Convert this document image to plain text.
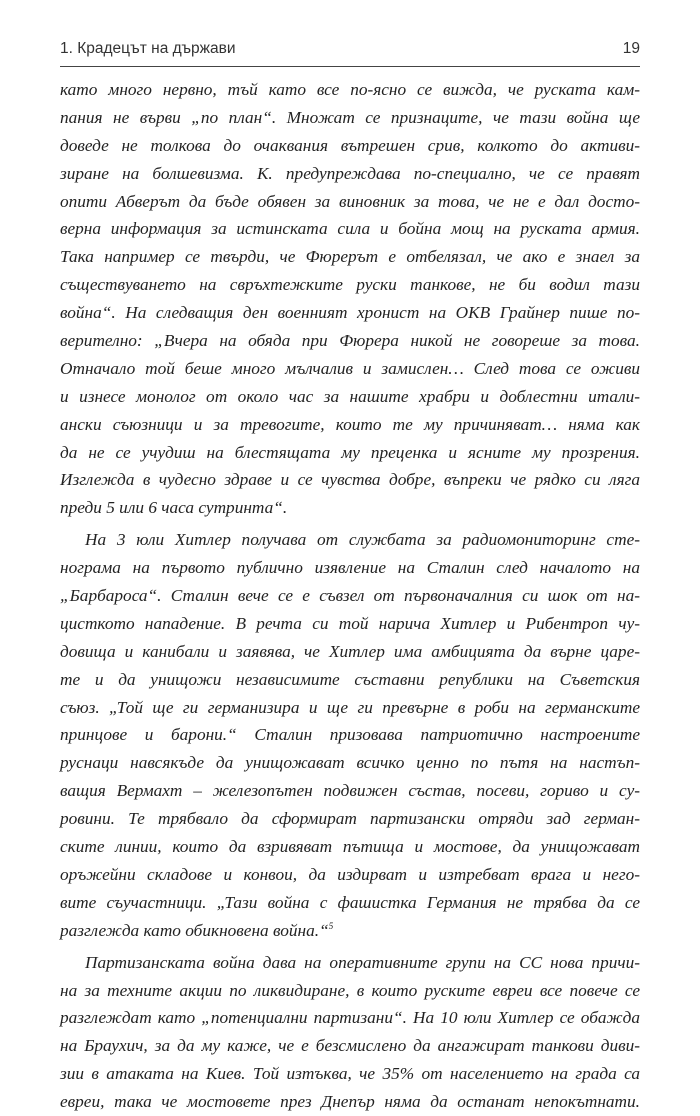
1. Крадецът на държави	19
като много нервно, тъй като все по-ясно се вижда, че руската кам-
пания не върви „по план“. Множат се признаците, че тази война ще
доведе не толкова до очаквания вътрешен срив, колкото до активи-
зиране на болшевизма. К. предупреждава по-специално, че се правят
опити Абверът да бъде обявен за виновник за това, че не е дал досто-
верна информация за истинската сила и бойна мощ на руската армия.
Така например се твърди, че Фюрерът е отбелязал, че ако е знаел за
съществуването на свръхтежките руски танкове, не би водил тази
война“. На следващия ден военният хронист на ОКВ Грайнер пише по-
верително: „Вчера на обяда при Фюрера никой не говореше за това.
Отначало той беше много мълчалив и замислен… След това се оживи
и изнесе монолог от около час за нашите храбри и доблестни итали-
ански съюзници и за тревогите, които те му причиняват… няма как
да не се учудиш на блестящата му преценка и ясните му прозрения.
Изглежда в чудесно здраве и се чувства добре, въпреки че рядко си ляга
преди 5 или 6 часа сутринта“.
На 3 юли Хитлер получава от службата за радиомониторинг сте-
нограма на първото публично изявление на Сталин след началото на
„Барбароса“. Сталин вече се е съвзел от първоначалния си шок от на-
цисткото нападение. В речта си той нарича Хитлер и Рибентроп чу-
довища и канибали и заявява, че Хитлер има амбицията да върне царе-
те и да унищожи независимите съставни републики на Съветския
съюз. „Той ще ги германизира и ще ги превърне в роби на германските
принцове и барони.“ Сталин призовава патриотично настроените
руснаци навсякъде да унищожават всичко ценно по пътя на настъп-
ващия Вермахт – железопътен подвижен състав, посеви, гориво и су-
ровини. Те трябвало да сформират партизански отряди зад герман-
ските линии, които да взривяват пътища и мостове, да унищожават
оръжейни складове и конвои, да издирват и изтребват врага и него-
вите съучастници. „Тази война с фашистка Германия не трябва да се
разглежда като обикновена война.“$^5$
Партизанската война дава на оперативните групи на СС нова причи-
на за техните акции по ликвидиране, в които руските евреи все повече се
разглеждат като „потенциални партизани“. На 10 юли Хитлер се обажда
на Браухич, за да му каже, че е безсмислено да ангажират танкови диви-
зии в атаката на Киев. Той изтъква, че 35% от населението на града са
евреи, така че мостовете през Днепър няма да останат непокътнати.
